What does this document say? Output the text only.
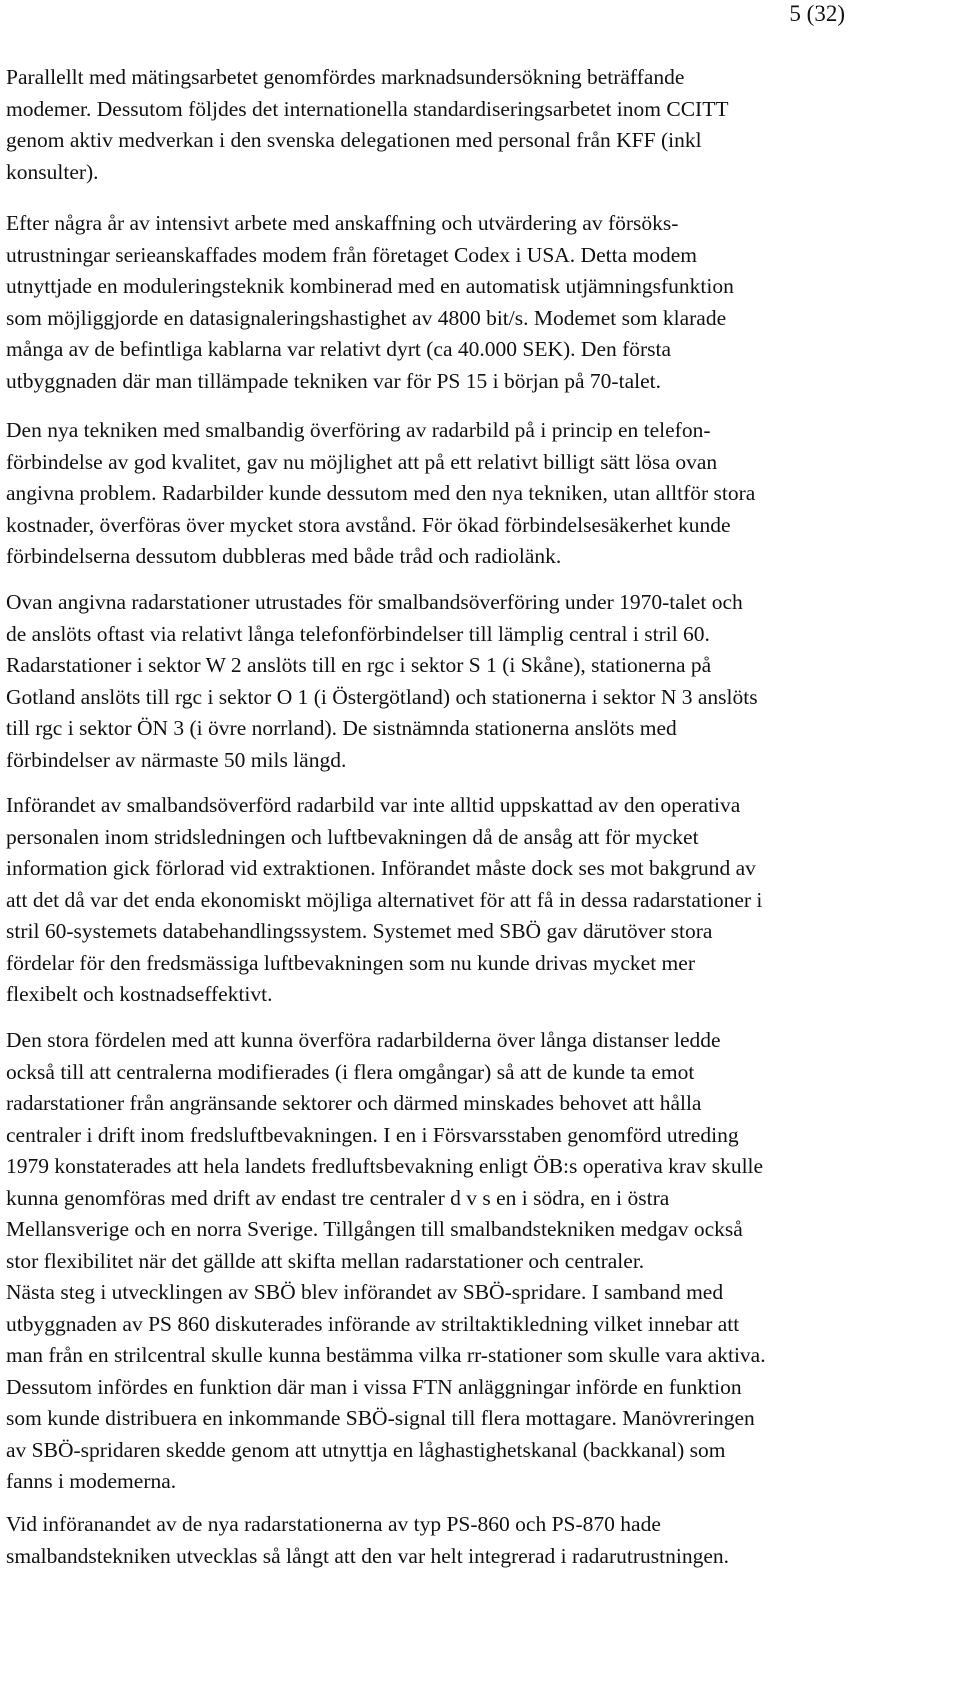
5 (32)
Parallellt med mätingsarbetet genomfördes marknadsundersökning beträffande
modemer. Dessutom följdes det internationella standardiseringsarbetet inom CCITT
genom aktiv medverkan i den svenska delegationen med personal från KFF (inkl
konsulter).
Efter några år av intensivt arbete med anskaffning och utvärdering av försöks-
utrustningar serieanskaffades modem från företaget Codex i USA. Detta modem
utnyttjade en moduleringsteknik kombinerad med en automatisk utjämningsfunktion
som möjliggjorde en datasignaleringshastighet av 4800 bit/s. Modemet som klarade
många av de befintliga kablarna var relativt dyrt (ca 40.000 SEK). Den första
utbyggnaden där man tillämpade tekniken var för PS 15 i början på 70-talet.
Den nya tekniken med smalbandig överföring av radarbild på i princip en telefon-
förbindelse av god kvalitet, gav nu möjlighet att på ett relativt billigt sätt lösa ovan
angivna problem. Radarbilder kunde dessutom med den nya tekniken, utan alltför stora
kostnader, överföras över mycket stora avstånd. För ökad förbindelsesäkerhet kunde
förbindelserna dessutom dubbleras med både tråd och radiolänk.
Ovan angivna radarstationer utrustades för smalbandsöverföring under 1970-talet och
de anslöts oftast via relativt långa telefonförbindelser till lämplig central i stril 60.
Radarstationer i sektor W 2 anslöts till en rgc i sektor S 1 (i Skåne), stationerna på
Gotland anslöts till rgc i sektor O 1 (i Östergötland) och stationerna i sektor N 3 anslöts
till rgc i sektor ÖN 3 (i övre norrland). De sistnämnda stationerna anslöts med
förbindelser av närmaste 50 mils längd.
Införandet av smalbandsöverförd radarbild var inte alltid uppskattad av den operativa
personalen inom stridsledningen och luftbevakningen då de ansåg att för mycket
information gick förlorad vid extraktionen. Införandet måste dock ses mot bakgrund av
att det då var det enda ekonomiskt möjliga alternativet för att få in dessa radarstationer i
stril 60-systemets databehandlingssystem. Systemet med SBÖ gav därutöver stora
fördelar för den fredsmässiga luftbevakningen som nu kunde drivas mycket mer
flexibelt och kostnadseffektivt.
Den stora fördelen med att kunna överföra radarbilderna över långa distanser ledde
också till att centralerna modifierades (i flera omgångar) så att de kunde ta emot
radarstationer från angränsande sektorer och därmed minskades behovet att hålla
centraler i drift inom fredsluftbevakningen. I en i Försvarsstaben genomförd utreding
1979 konstaterades att hela landets fredluftsbevakning enligt ÖB:s operativa krav skulle
kunna genomföras med drift av endast tre centraler d v s en i södra, en i östra
Mellansverige och en norra Sverige. Tillgången till smalbandstekniken medgav också
stor flexibilitet när det gällde att skifta mellan radarstationer och centraler.
Nästa steg i utvecklingen av SBÖ blev införandet av SBÖ-spridare. I samband med
utbyggnaden av PS 860 diskuterades införande av striltaktikledning vilket innebar att
man från en strilcentral skulle kunna bestämma vilka rr-stationer som skulle vara aktiva.
Dessutom infördes en funktion där man i vissa FTN anläggningar införde en funktion
som kunde distribuera en inkommande SBÖ-signal till flera mottagare. Manövreringen
av SBÖ-spridaren skedde genom att utnyttja en låghastighetskanal (backkanal) som
fanns i modemerna.
Vid införanandet av de nya radarstationerna av typ PS-860 och PS-870 hade
smalbandstekniken utvecklas så långt att den var helt integrerad i radarutrustningen.
